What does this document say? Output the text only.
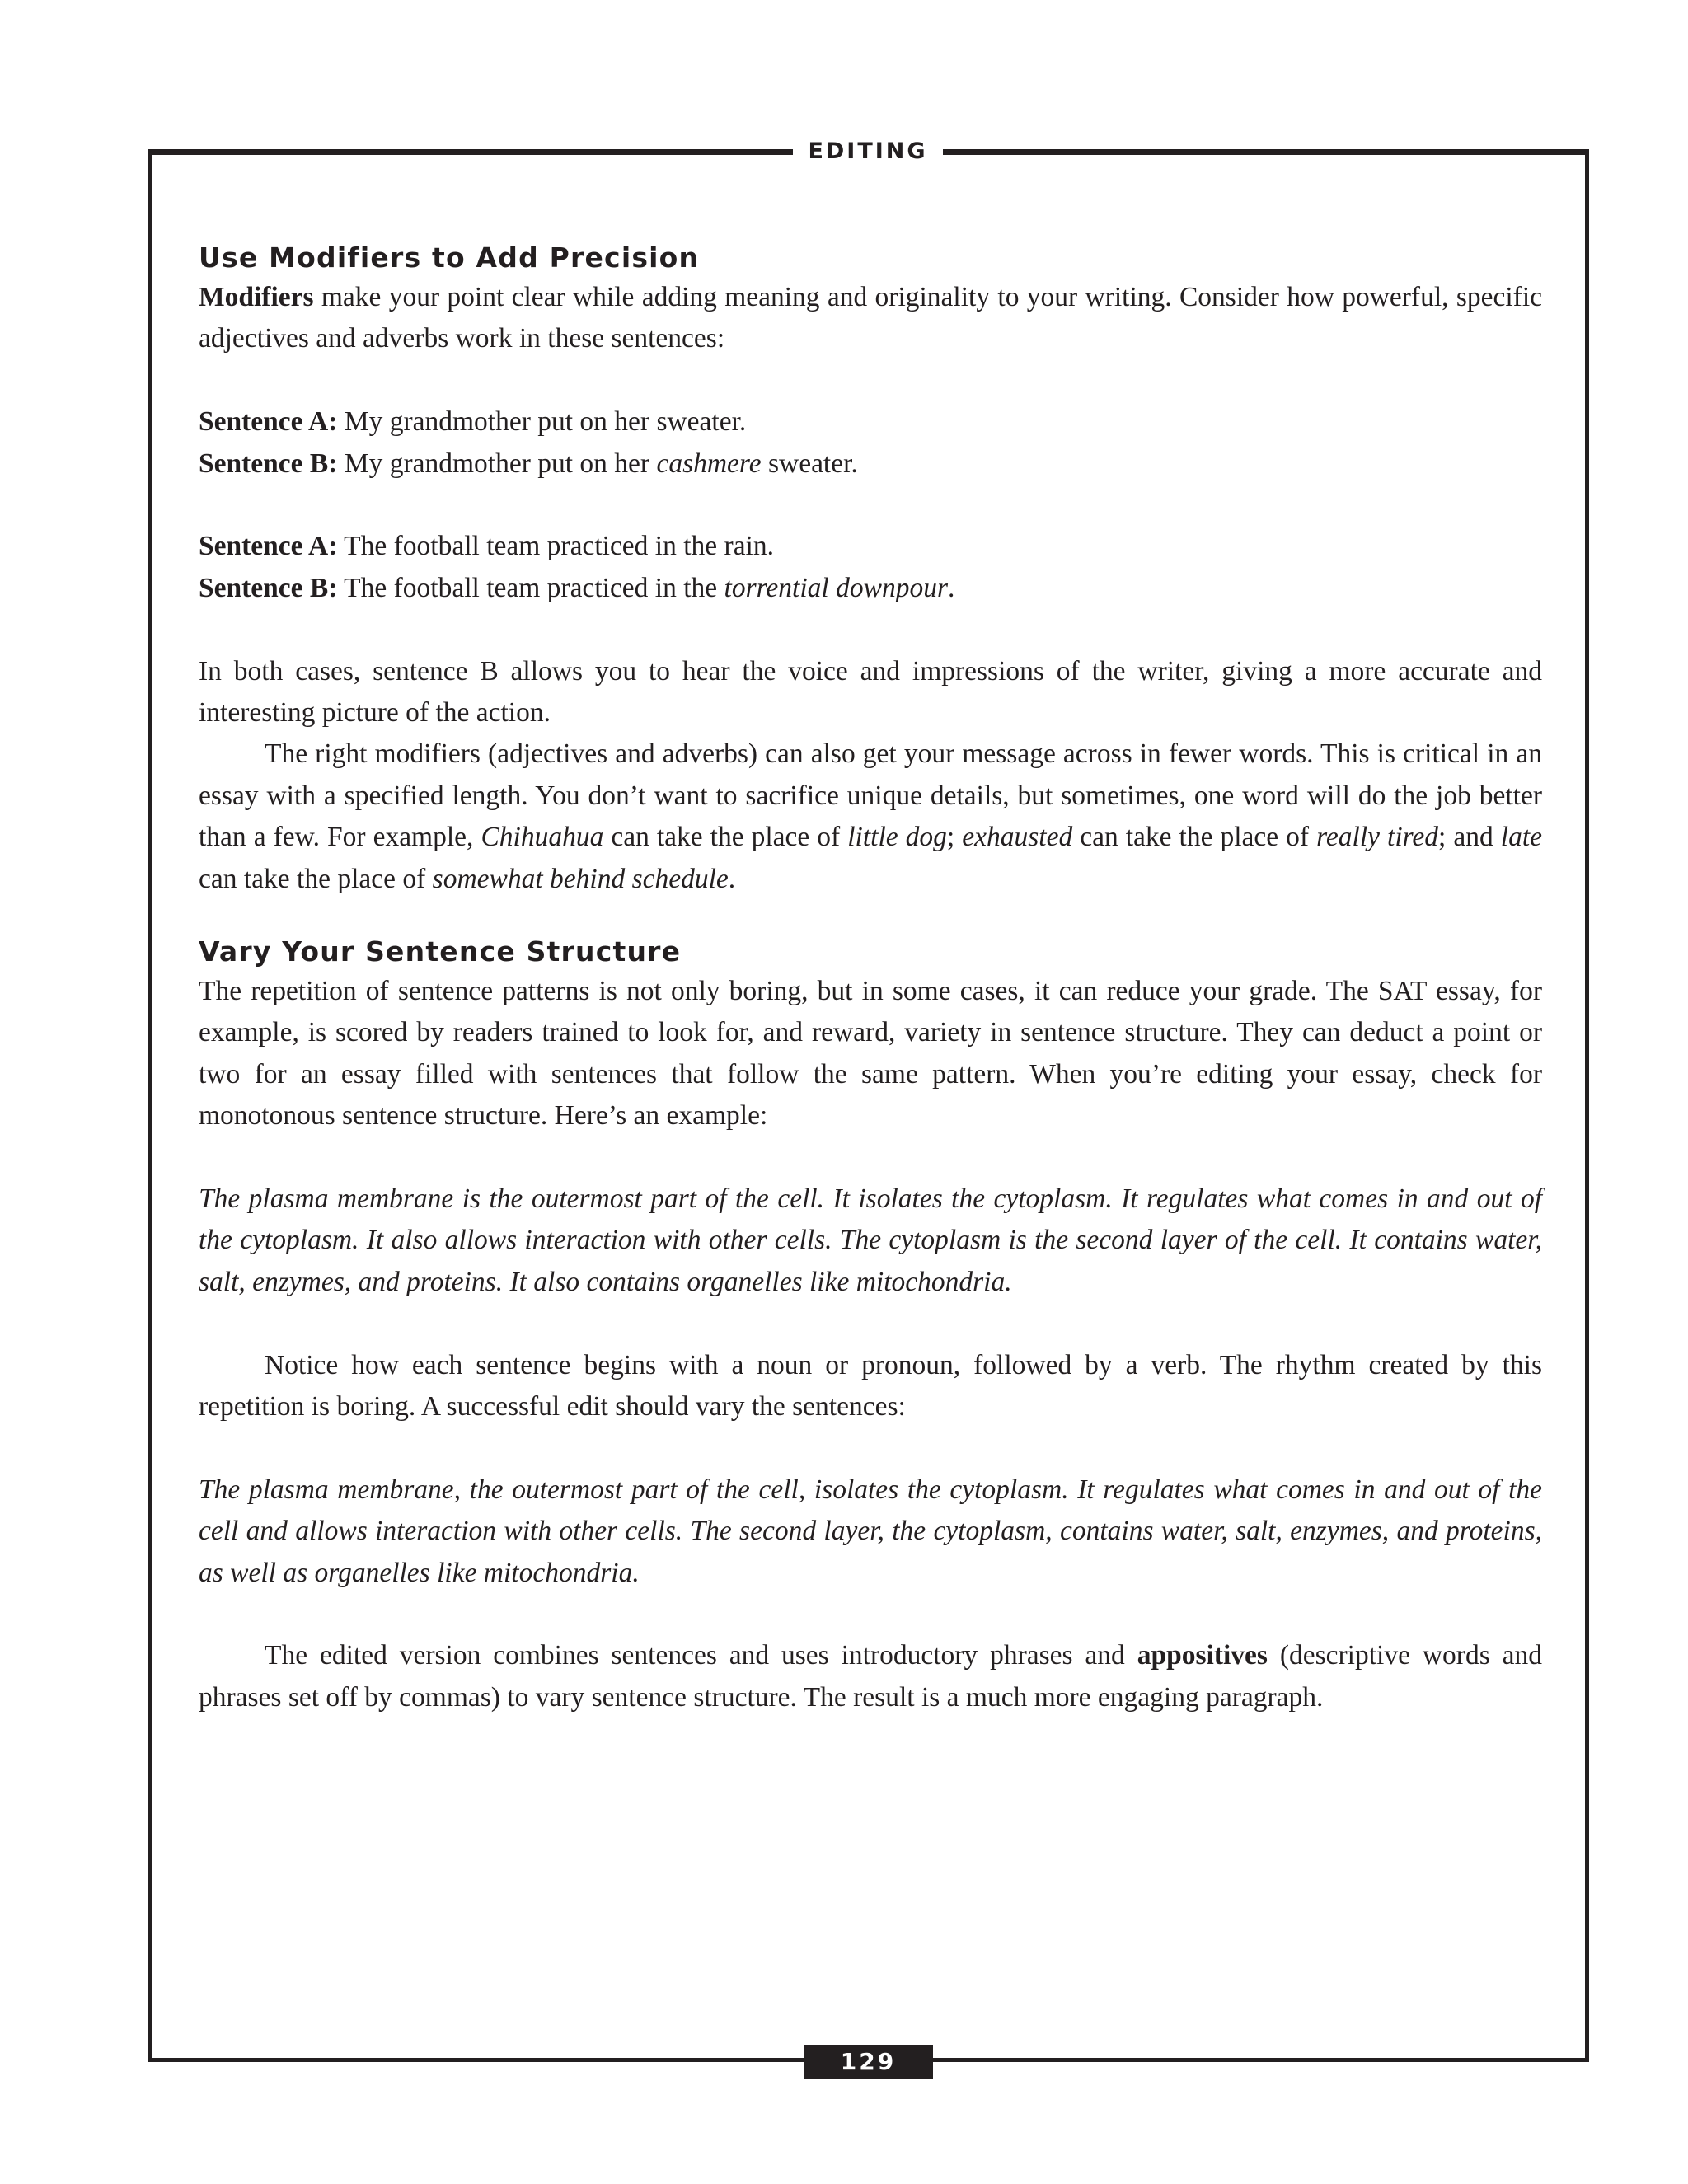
EDITING
Use Modifiers to Add Precision

Modifiers make your point clear while adding meaning and originality to your writing. Consider how powerful, specific adjectives and adverbs work in these sentences:

Sentence A: My grandmother put on her sweater.

Sentence B: My grandmother put on her cashmere sweater.

Sentence A: The football team practiced in the rain.

Sentence B: The football team practiced in the torrential downpour.

In both cases, sentence B allows you to hear the voice and impressions of the writer, giving a more accurate and interesting picture of the action.

The right modifiers (adjectives and adverbs) can also get your message across in fewer words. This is critical in an essay with a specified length. You don’t want to sacrifice unique details, but sometimes, one word will do the job better than a few. For example, Chihuahua can take the place of little dog; exhausted can take the place of really tired; and late can take the place of somewhat behind schedule.

Vary Your Sentence Structure

The repetition of sentence patterns is not only boring, but in some cases, it can reduce your grade. The SAT essay, for example, is scored by readers trained to look for, and reward, variety in sentence structure. They can deduct a point or two for an essay filled with sentences that follow the same pattern. When you’re editing your essay, check for monotonous sentence structure. Here’s an example:

The plasma membrane is the outermost part of the cell. It isolates the cytoplasm. It regulates what comes in and out of the cytoplasm. It also allows interaction with other cells. The cytoplasm is the second layer of the cell. It contains water, salt, enzymes, and proteins. It also contains organelles like mitochondria.

Notice how each sentence begins with a noun or pronoun, followed by a verb. The rhythm created by this repetition is boring. A successful edit should vary the sentences:

The plasma membrane, the outermost part of the cell, isolates the cytoplasm. It regulates what comes in and out of the cell and allows interaction with other cells. The second layer, the cytoplasm, contains water, salt, enzymes, and proteins, as well as organelles like mitochondria.

The edited version combines sentences and uses introductory phrases and appositives (descriptive words and phrases set off by commas) to vary sentence structure. The result is a much more engaging paragraph.

129
